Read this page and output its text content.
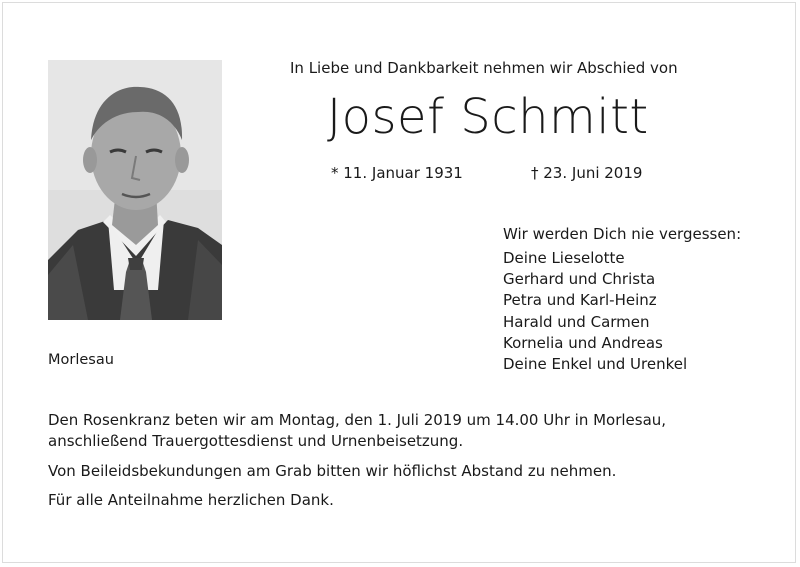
Morlesau
In Liebe und Dankbarkeit nehmen wir Abschied von
Josef Schmitt
* 11. Januar 1931	† 23. Juni 2019
Wir werden Dich nie vergessen:
Deine Lieselotte
Gerhard und Christa
Petra und Karl-Heinz
Harald und Carmen
Kornelia und Andreas
Deine Enkel und Urenkel
Den Rosenkranz beten wir am Montag, den 1. Juli 2019 um 14.00 Uhr in Morlesau,
anschließend Trauergottesdienst und Urnenbeisetzung.
Von Beileidsbekundungen am Grab bitten wir höflichst Abstand zu nehmen.
Für alle Anteilnahme herzlichen Dank.
